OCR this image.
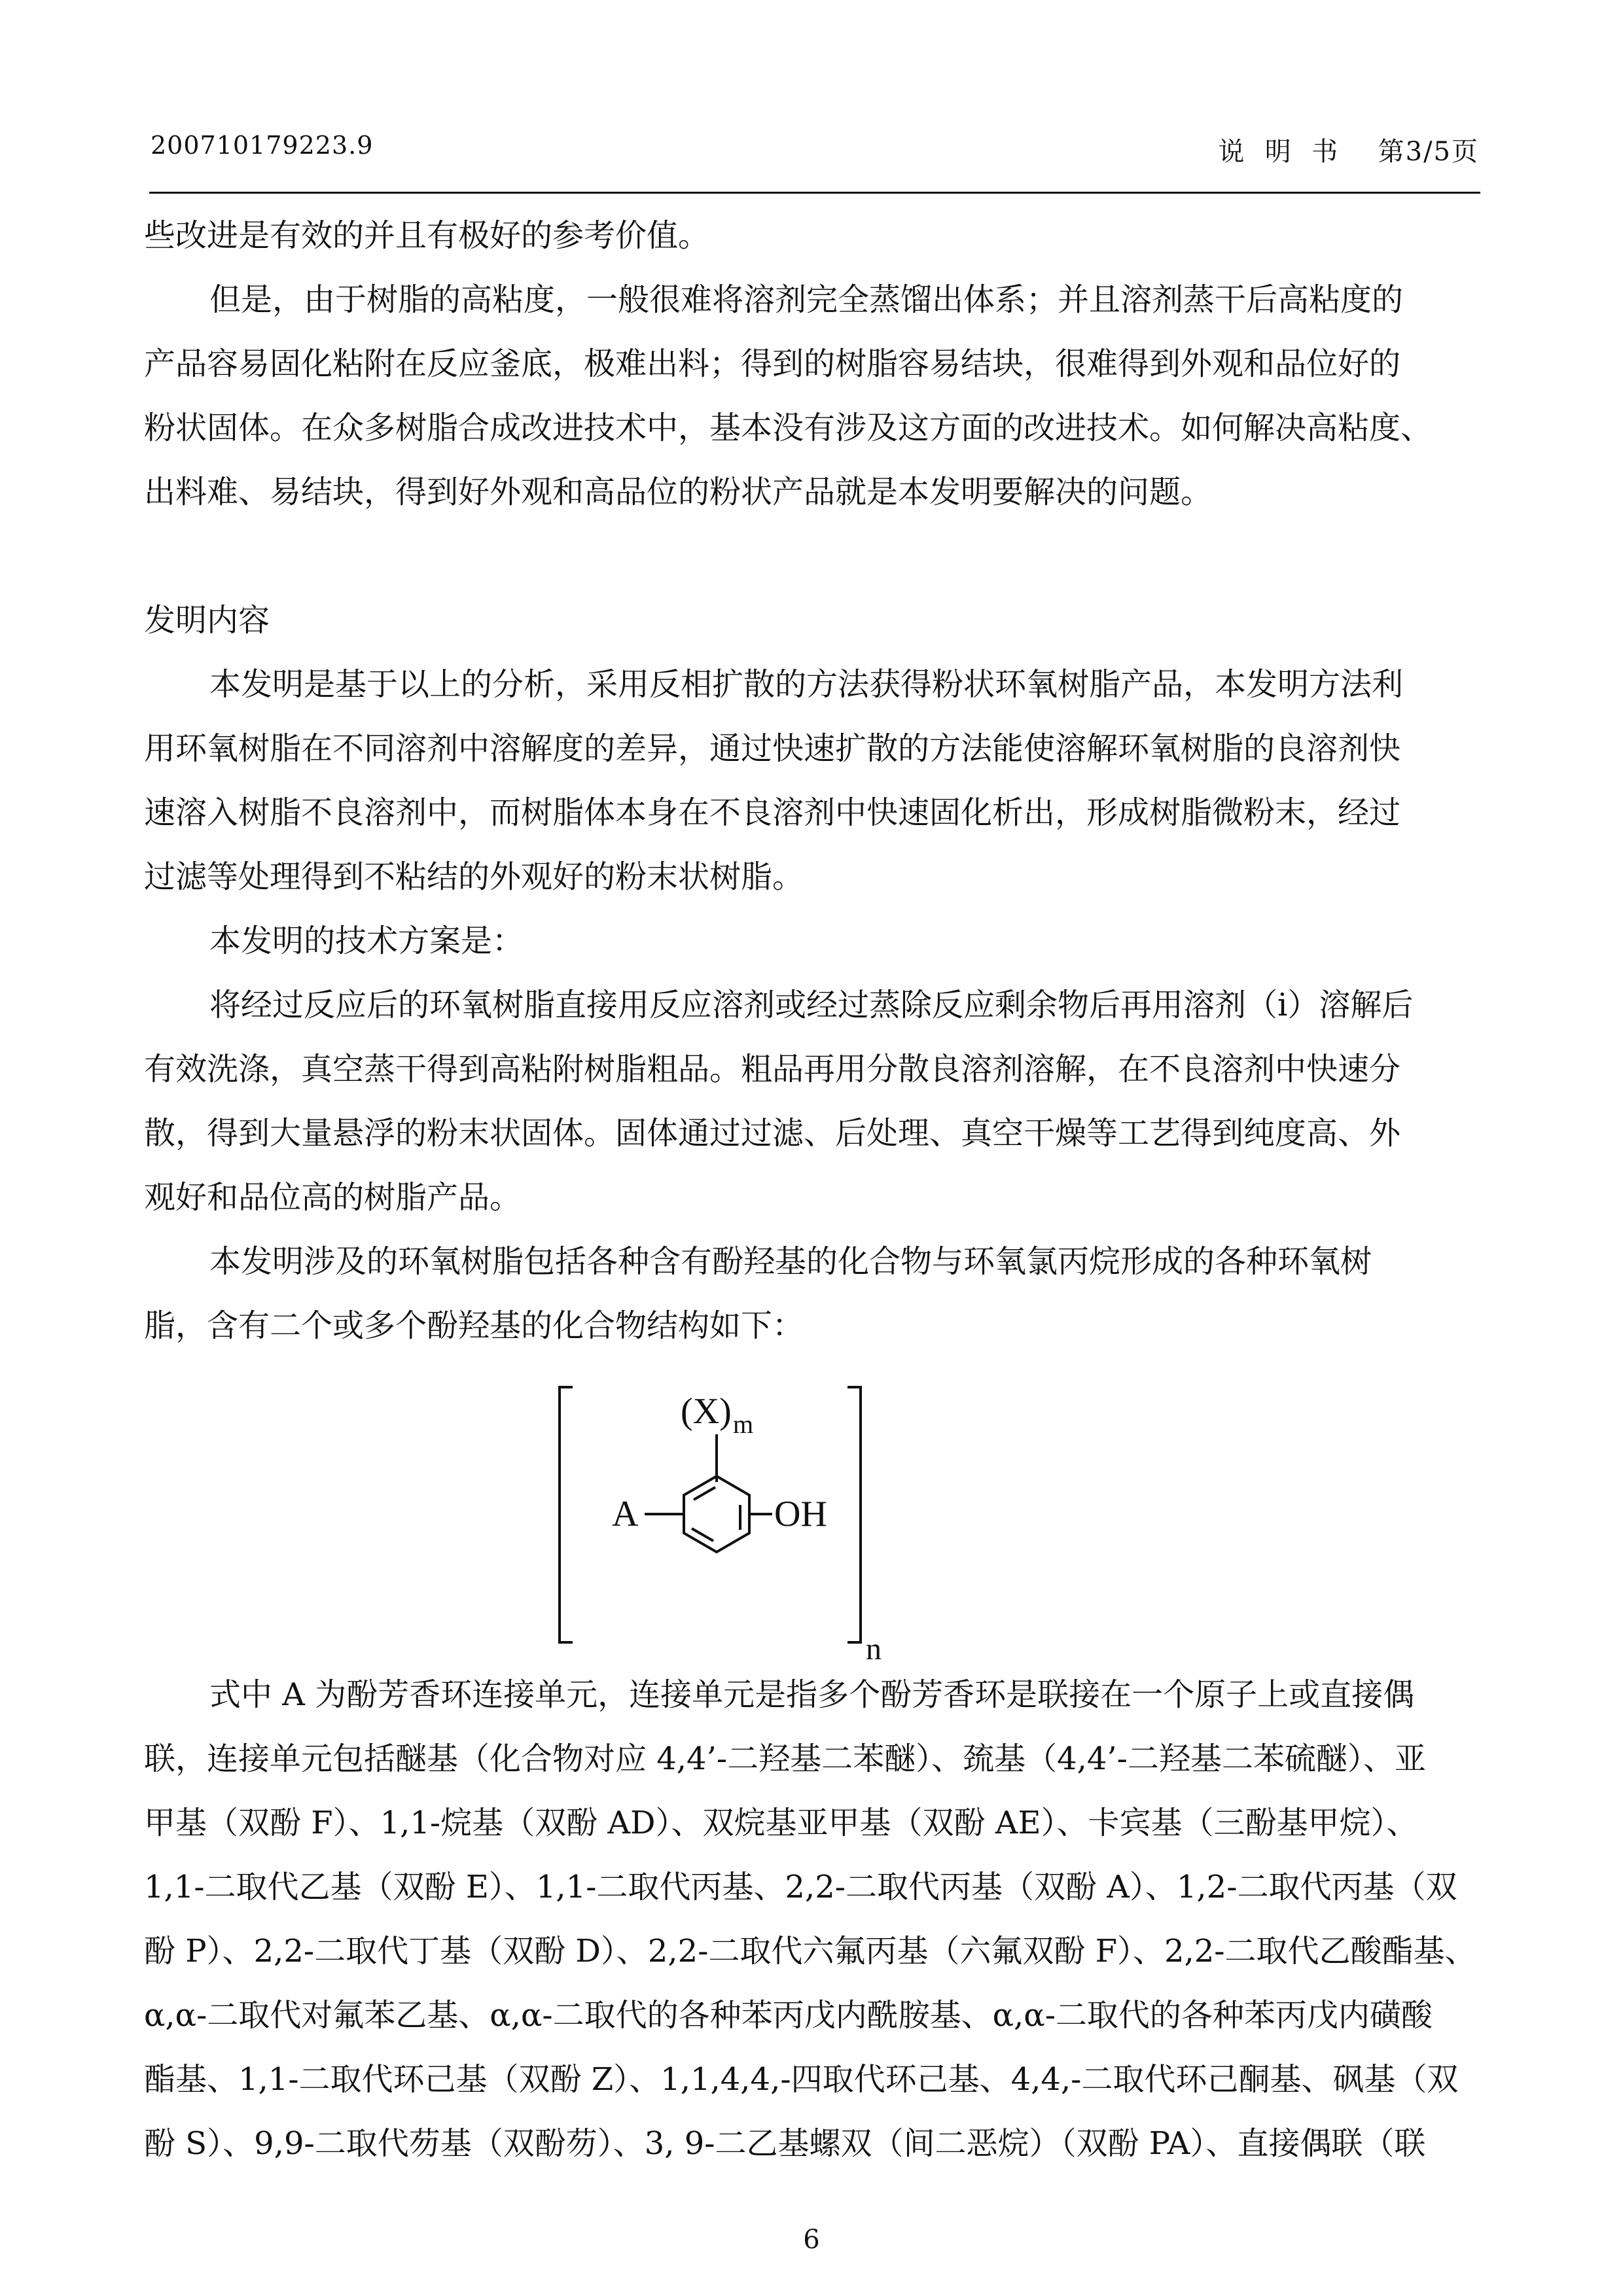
200710179223.9	说  明  书 第3/5页
些改进是有效的并且有极好的参考价值。
但是，由于树脂的高粘度，一般很难将溶剂完全蒸馏出体系；并且溶剂蒸干后高粘度的
产品容易固化粘附在反应釜底，极难出料；得到的树脂容易结块，很难得到外观和品位好的
粉状固体。在众多树脂合成改进技术中，基本没有涉及这方面的改进技术。如何解决高粘度、
出料难、易结块，得到好外观和高品位的粉状产品就是本发明要解决的问题。
发明内容
本发明是基于以上的分析，采用反相扩散的方法获得粉状环氧树脂产品，本发明方法利
用环氧树脂在不同溶剂中溶解度的差异，通过快速扩散的方法能使溶解环氧树脂的良溶剂快
速溶入树脂不良溶剂中，而树脂体本身在不良溶剂中快速固化析出，形成树脂微粉末，经过
过滤等处理得到不粘结的外观好的粉末状树脂。
本发明的技术方案是：
将经过反应后的环氧树脂直接用反应溶剂或经过蒸除反应剩余物后再用溶剂（i）溶解后
有效洗涤，真空蒸干得到高粘附树脂粗品。粗品再用分散良溶剂溶解，在不良溶剂中快速分
散，得到大量悬浮的粉末状固体。固体通过过滤、后处理、真空干燥等工艺得到纯度高、外
观好和品位高的树脂产品。
本发明涉及的环氧树脂包括各种含有酚羟基的化合物与环氧氯丙烷形成的各种环氧树
脂，含有二个或多个酚羟基的化合物结构如下：
(X) m
A	OH
n
式中 A 为酚芳香环连接单元，连接单元是指多个酚芳香环是联接在一个原子上或直接偶
联，连接单元包括醚基（化合物对应 4,4’-二羟基二苯醚）、巯基（4,4’-二羟基二苯硫醚）、亚
甲基（双酚 F）、1,1-烷基（双酚 AD）、双烷基亚甲基（双酚 AE）、卡宾基（三酚基甲烷）、
1,1-二取代乙基（双酚 E）、1,1-二取代丙基、2,2-二取代丙基（双酚 A）、1,2-二取代丙基（双
酚 P）、2,2-二取代丁基（双酚 D）、2,2-二取代六氟丙基（六氟双酚 F）、2,2-二取代乙酸酯基、
α,α-二取代对氟苯乙基、α,α-二取代的各种苯丙戊内酰胺基、α,α-二取代的各种苯丙戊内磺酸
酯基、1,1-二取代环己基（双酚 Z）、1,1,4,4,-四取代环己基、4,4,-二取代环己酮基、砜基（双
酚 S）、9,9-二取代芴基（双酚芴）、3, 9-二乙基螺双（间二恶烷）（双酚 PA）、直接偶联（联
6
